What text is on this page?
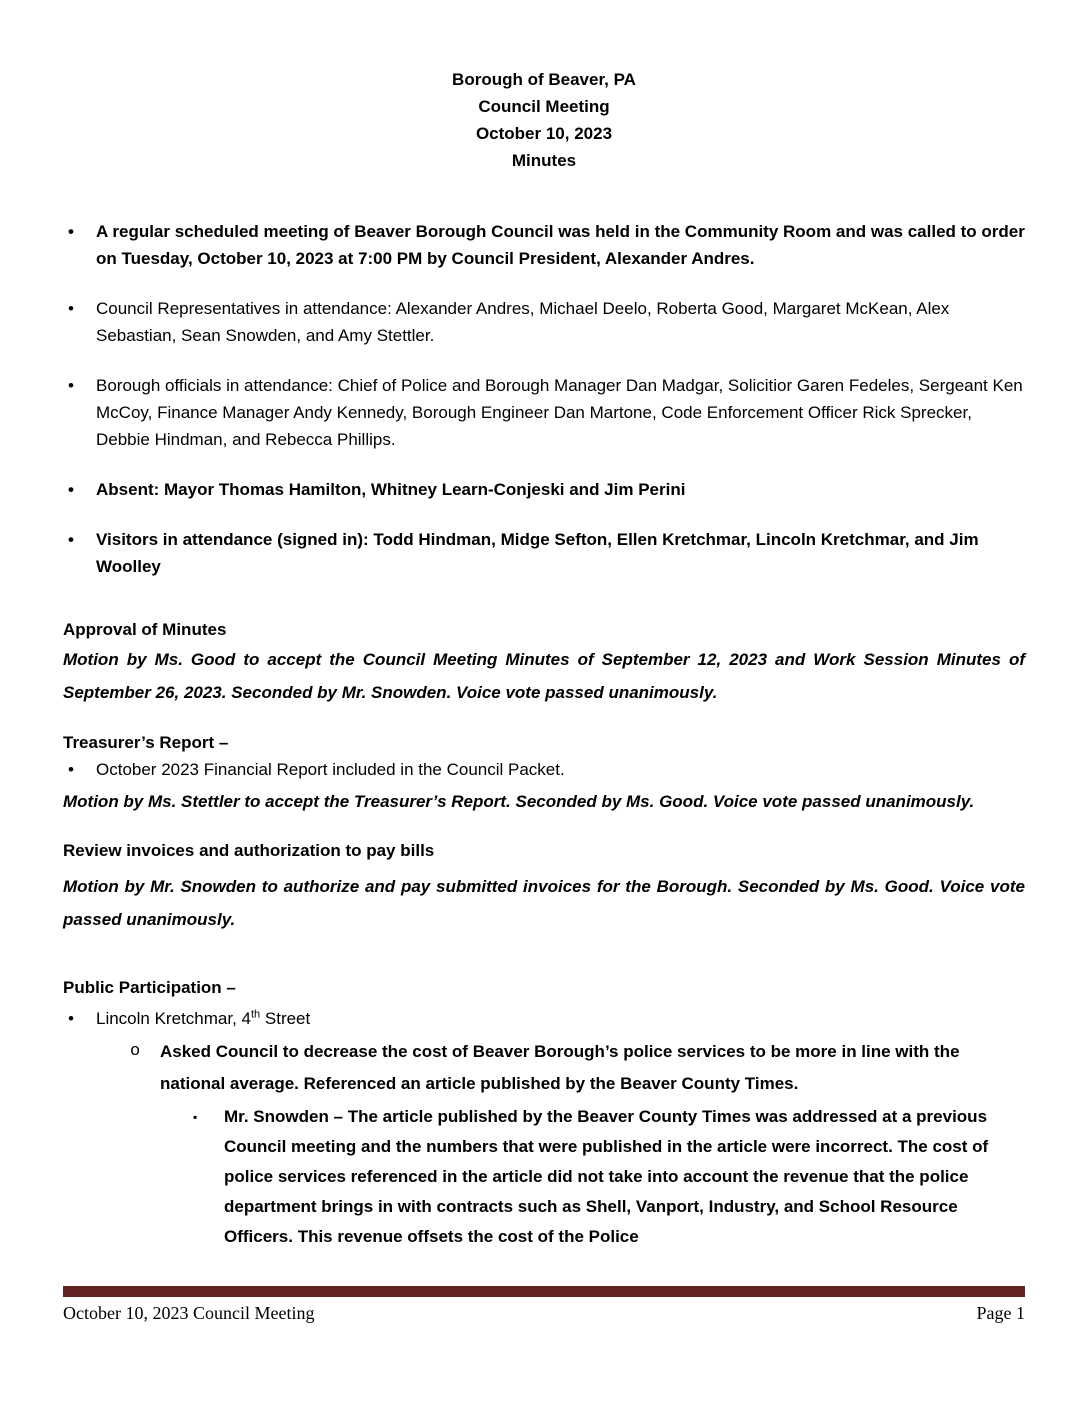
Borough of Beaver, PA
Council Meeting
October 10, 2023
Minutes
• A regular scheduled meeting of Beaver Borough Council was held in the Community Room and was called to order on Tuesday, October 10, 2023 at 7:00 PM by Council President, Alexander Andres.
• Council Representatives in attendance: Alexander Andres, Michael Deelo, Roberta Good, Margaret McKean, Alex Sebastian, Sean Snowden, and Amy Stettler.
• Borough officials in attendance: Chief of Police and Borough Manager Dan Madgar, Solicitior Garen Fedeles, Sergeant Ken McCoy, Finance Manager Andy Kennedy, Borough Engineer Dan Martone, Code Enforcement Officer Rick Sprecker, Debbie Hindman, and Rebecca Phillips.
• Absent: Mayor Thomas Hamilton, Whitney Learn-Conjeski and Jim Perini
• Visitors in attendance (signed in): Todd Hindman, Midge Sefton, Ellen Kretchmar, Lincoln Kretchmar, and Jim Woolley
Approval of Minutes

Motion by Ms. Good to accept the Council Meeting Minutes of September 12, 2023 and Work Session Minutes of September 26, 2023. Seconded by Mr. Snowden. Voice vote passed unanimously.

Treasurer’s Report –
• October 2023 Financial Report included in the Council Packet.

Motion by Ms. Stettler to accept the Treasurer’s Report. Seconded by Ms. Good. Voice vote passed unanimously.

Review invoices and authorization to pay bills

Motion by Mr. Snowden to authorize and pay submitted invoices for the Borough. Seconded by Ms. Good. Voice vote passed unanimously.

Public Participation –
• Lincoln Kretchmar, 4th Street
o Asked Council to decrease the cost of Beaver Borough’s police services to be more in line with the national average. Referenced an article published by the Beaver County Times.
▪ Mr. Snowden – The article published by the Beaver County Times was addressed at a previous Council meeting and the numbers that were published in the article were incorrect. The cost of police services referenced in the article did not take into account the revenue that the police department brings in with contracts such as Shell, Vanport, Industry, and School Resource Officers. This revenue offsets the cost of the Police
October 10, 2023 Council Meeting	Page 1
